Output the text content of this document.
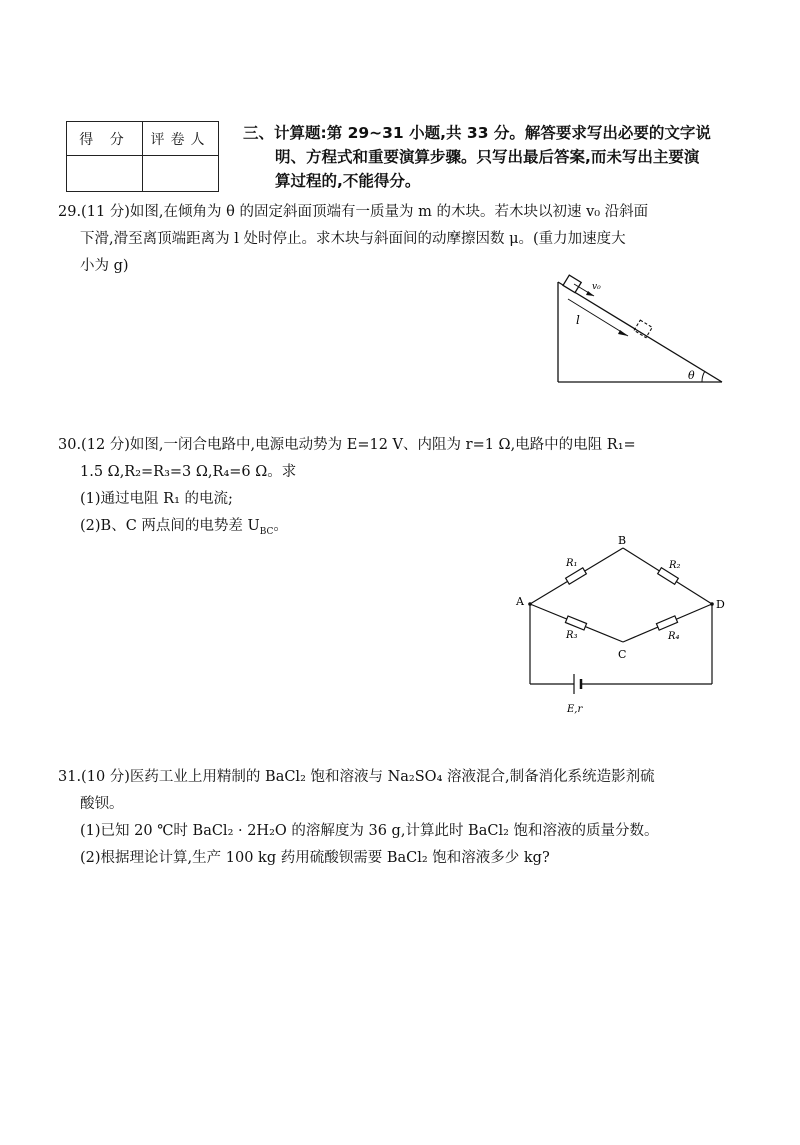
得 分	评卷人
	三、计算题:第 29~31 小题,共 33 分。解答要求写出必要的文字说
明、方程式和重要演算步骤。只写出最后答案,而未写出主要演
算过程的,不能得分。
29.(11 分)如图,在倾角为 θ 的固定斜面顶端有一质量为 m 的木块。若木块以初速 v₀ 沿斜面
下滑,滑至离顶端距离为 l 处时停止。求木块与斜面间的动摩擦因数 μ。(重力加速度大
小为 g)
v₀
l
θ
30.(12 分)如图,一闭合电路中,电源电动势为 E=12 V、内阻为 r=1 Ω,电路中的电阻 R₁=
1.5 Ω,R₂=R₃=3 Ω,R₄=6 Ω。求
(1)通过电阻 R₁ 的电流;
(2)B、C 两点间的电势差 $U_{BC}$。
A
B
C
D
R₁	R₂
R₃	R₄
E,r
31.(10 分)医药工业上用精制的 BaCl₂ 饱和溶液与 Na₂SO₄ 溶液混合,制备消化系统造影剂硫
酸钡。
(1)已知 20 ℃时 BaCl₂ · 2H₂O 的溶解度为 36 g,计算此时 BaCl₂ 饱和溶液的质量分数。
(2)根据理论计算,生产 100 kg 药用硫酸钡需要 BaCl₂ 饱和溶液多少 kg?
